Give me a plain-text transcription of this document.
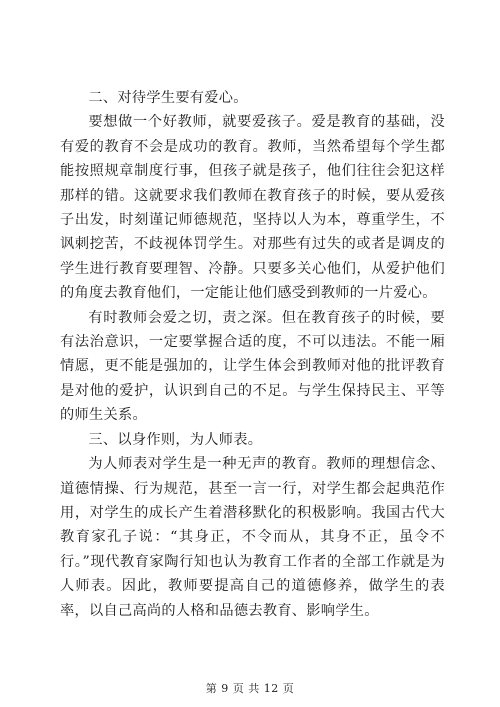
二、对待学生要有爱心。

要想做一个好教师，就要爱孩子。爱是教育的基础，没有爱的教育不会是成功的教育。教师，当然希望每个学生都能按照规章制度行事，但孩子就是孩子，他们往往会犯这样那样的错。这就要求我们教师在教育孩子的时候，要从爱孩子出发，时刻谨记师德规范，坚持以人为本，尊重学生，不讽刺挖苦，不歧视体罚学生。对那些有过失的或者是调皮的学生进行教育要理智、冷静。只要多关心他们，从爱护他们的角度去教育他们，一定能让他们感受到教师的一片爱心。

有时教师会爱之切，责之深。但在教育孩子的时候，要有法治意识，一定要掌握合适的度，不可以违法。不能一厢情愿，更不能是强加的，让学生体会到教师对他的批评教育是对他的爱护，认识到自己的不足。与学生保持民主、平等的师生关系。

三、以身作则，为人师表。

为人师表对学生是一种无声的教育。教师的理想信念、道德情操、行为规范，甚至一言一行，对学生都会起典范作用，对学生的成长产生着潜移默化的积极影响。我国古代大教育家孔子说：“其身正，不令而从，其身不正，虽令不行。”现代教育家陶行知也认为教育工作者的全部工作就是为人师表。因此，教师要提高自己的道德修养，做学生的表率，以自己高尚的人格和品德去教育、影响学生。

第 9 页 共 12 页
